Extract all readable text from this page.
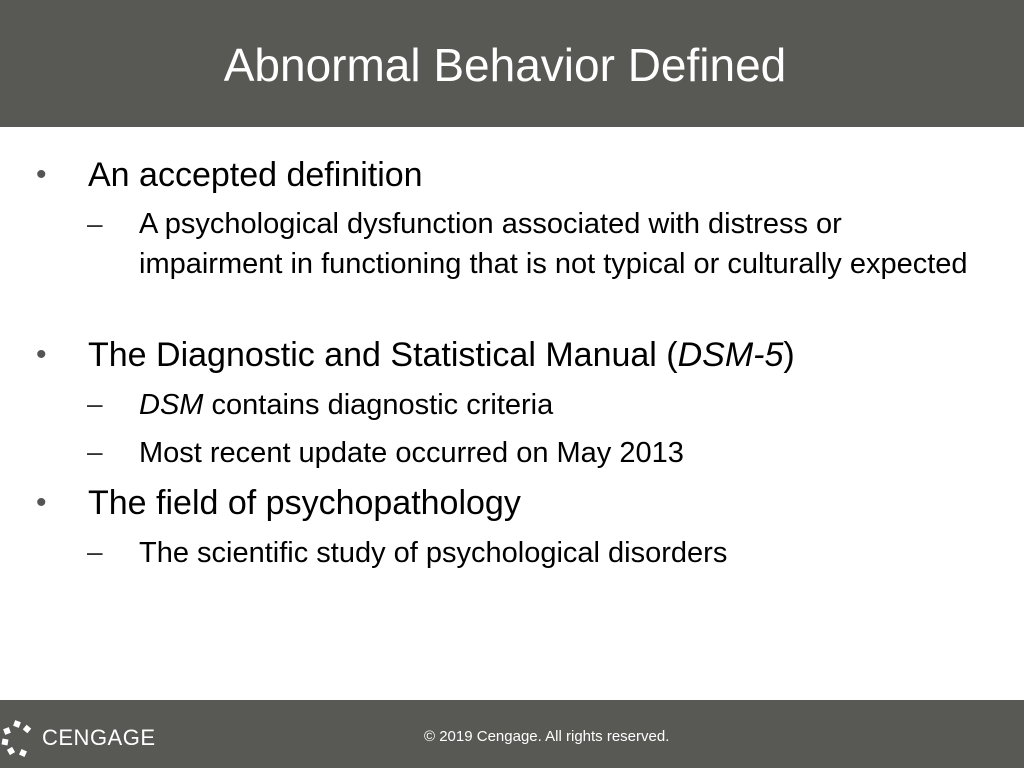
Abnormal Behavior Defined
• An accepted definition
– A psychological dysfunction associated with distress or impairment in functioning that is not typical or culturally expected
• The Diagnostic and Statistical Manual (DSM-5)
– DSM contains diagnostic criteria
– Most recent update occurred on May 2013
• The field of psychopathology
– The scientific study of psychological disorders
CENGAGE	© 2019 Cengage. All rights reserved.
